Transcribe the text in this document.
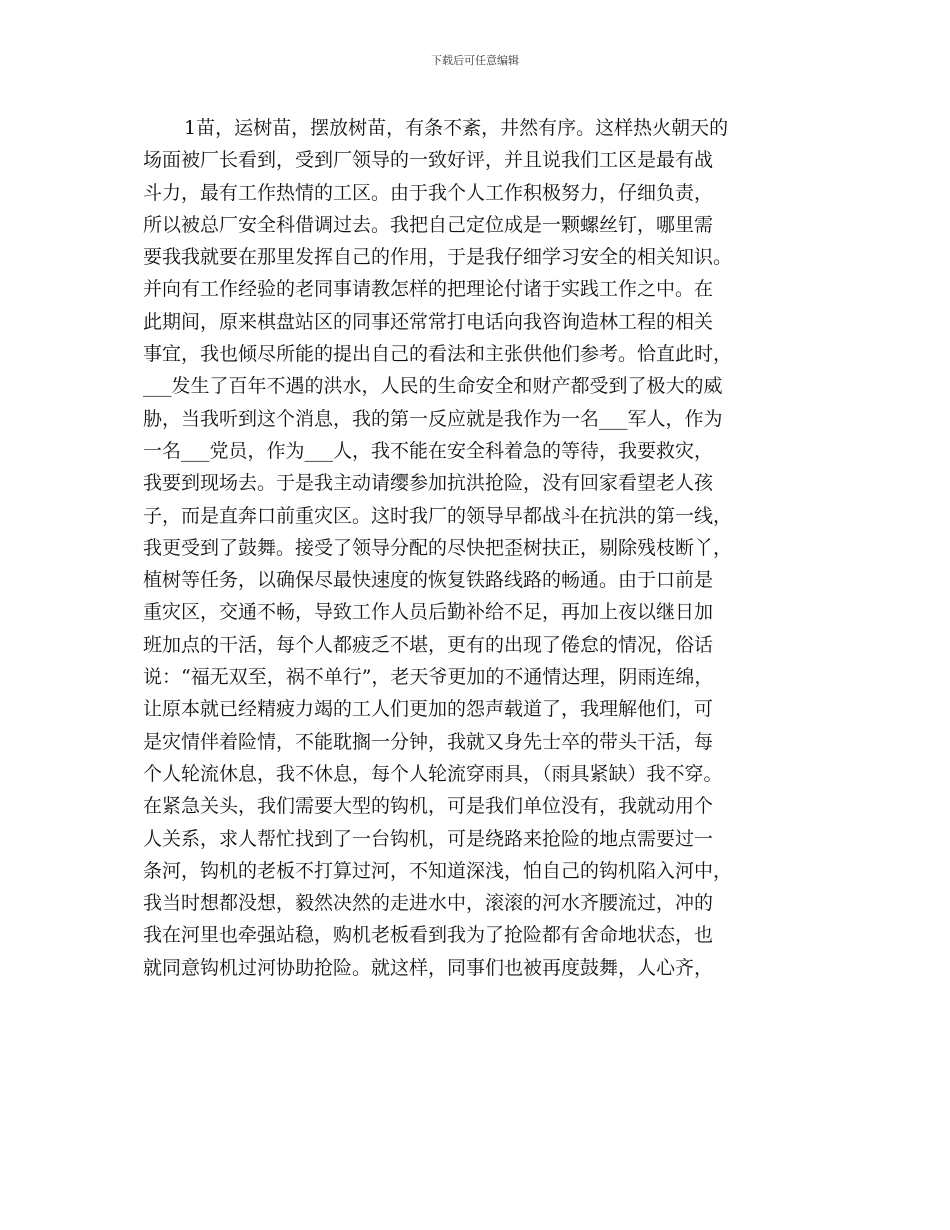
下载后可任意编辑
1苗，运树苗，摆放树苗，有条不紊，井然有序。这样热火朝天的
场面被厂长看到，受到厂领导的一致好评，并且说我们工区是最有战
斗力，最有工作热情的工区。由于我个人工作积极努力，仔细负责，
所以被总厂安全科借调过去。我把自己定位成是一颗螺丝钉，哪里需
要我我就要在那里发挥自己的作用，于是我仔细学习安全的相关知识。
并向有工作经验的老同事请教怎样的把理论付诸于实践工作之中。在
此期间，原来棋盘站区的同事还常常打电话向我咨询造林工程的相关
事宜，我也倾尽所能的提出自己的看法和主张供他们参考。恰直此时，
___发生了百年不遇的洪水，人民的生命安全和财产都受到了极大的威
胁，当我听到这个消息，我的第一反应就是我作为一名___军人，作为
一名___党员，作为___人，我不能在安全科着急的等待，我要救灾，
我要到现场去。于是我主动请缨参加抗洪抢险，没有回家看望老人孩
子，而是直奔口前重灾区。这时我厂的领导早都战斗在抗洪的第一线，
我更受到了鼓舞。接受了领导分配的尽快把歪树扶正，剔除残枝断丫，
植树等任务，以确保尽最快速度的恢复铁路线路的畅通。由于口前是
重灾区，交通不畅，导致工作人员后勤补给不足，再加上夜以继日加
班加点的干活，每个人都疲乏不堪，更有的出现了倦怠的情况，俗话
说：“福无双至，祸不单行”，老天爷更加的不通情达理，阴雨连绵，
让原本就已经精疲力竭的工人们更加的怨声载道了，我理解他们，可
是灾情伴着险情，不能耽搁一分钟，我就又身先士卒的带头干活，每
个人轮流休息，我不休息，每个人轮流穿雨具，（雨具紧缺）我不穿。
在紧急关头，我们需要大型的钩机，可是我们单位没有，我就动用个
人关系，求人帮忙找到了一台钩机，可是绕路来抢险的地点需要过一
条河，钩机的老板不打算过河，不知道深浅，怕自己的钩机陷入河中，
我当时想都没想，毅然决然的走进水中，滚滚的河水齐腰流过，冲的
我在河里也牵强站稳，购机老板看到我为了抢险都有舍命地状态，也
就同意钩机过河协助抢险。就这样，同事们也被再度鼓舞，人心齐，
